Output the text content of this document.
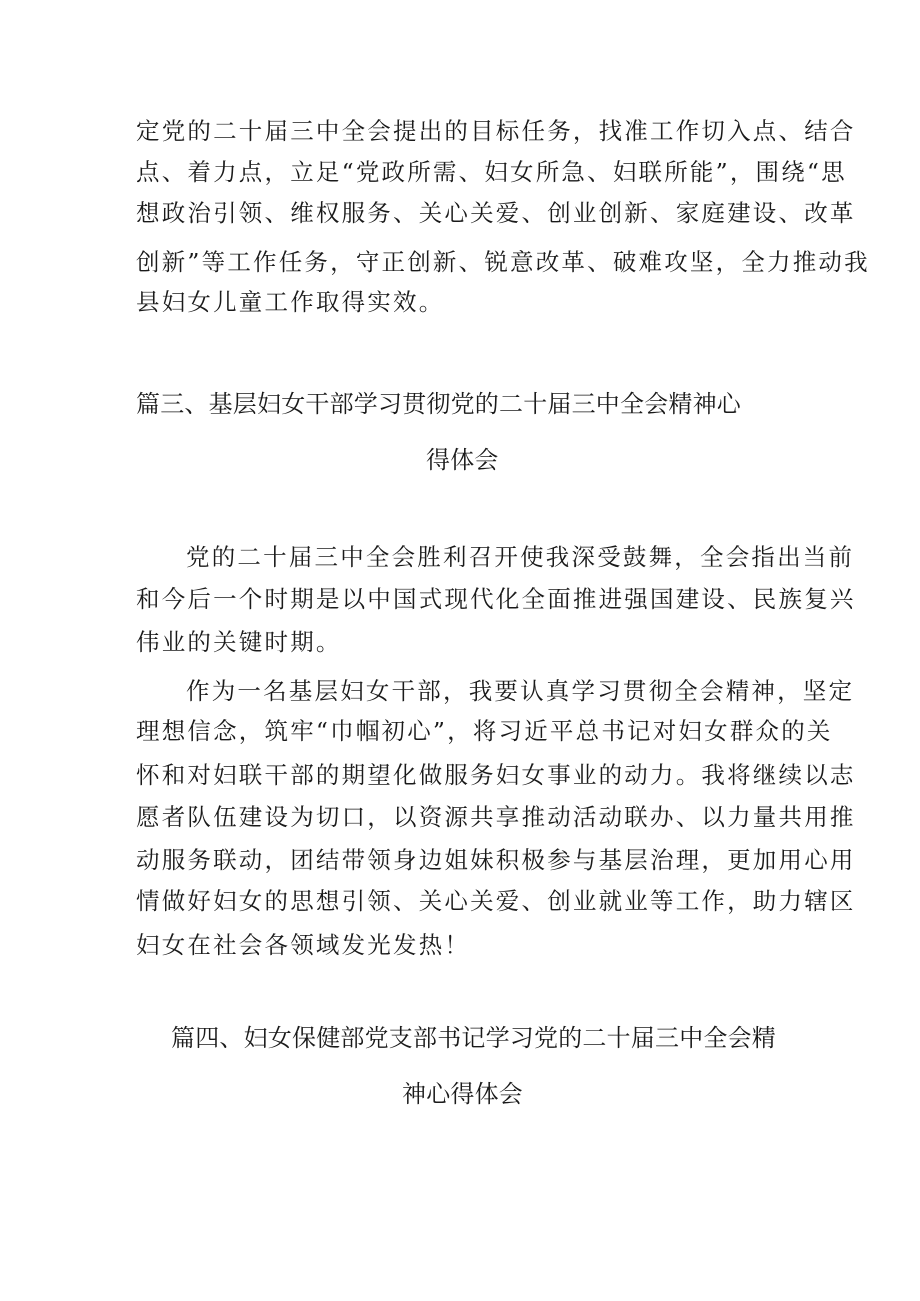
定党的二十届三中全会提出的目标任务，找准工作切入点、结合
点、着力点，立足“党政所需、妇女所急、妇联所能”，围绕“思
想政治引领、维权服务、关心关爱、创业创新、家庭建设、改革
创新”等工作任务，守正创新、锐意改革、破难攻坚，全力推动我
县妇女儿童工作取得实效。
篇三、基层妇女干部学习贯彻党的二十届三中全会精神心
得体会
党的二十届三中全会胜利召开使我深受鼓舞，全会指出当前
和今后一个时期是以中国式现代化全面推进强国建设、民族复兴
伟业的关键时期。
作为一名基层妇女干部，我要认真学习贯彻全会精神，坚定
理想信念，筑牢“巾帼初心”，将习近平总书记对妇女群众的关
怀和对妇联干部的期望化做服务妇女事业的动力。我将继续以志
愿者队伍建设为切口，以资源共享推动活动联办、以力量共用推
动服务联动，团结带领身边姐妹积极参与基层治理，更加用心用
情做好妇女的思想引领、关心关爱、创业就业等工作，助力辖区
妇女在社会各领域发光发热！
篇四、妇女保健部党支部书记学习党的二十届三中全会精
神心得体会
